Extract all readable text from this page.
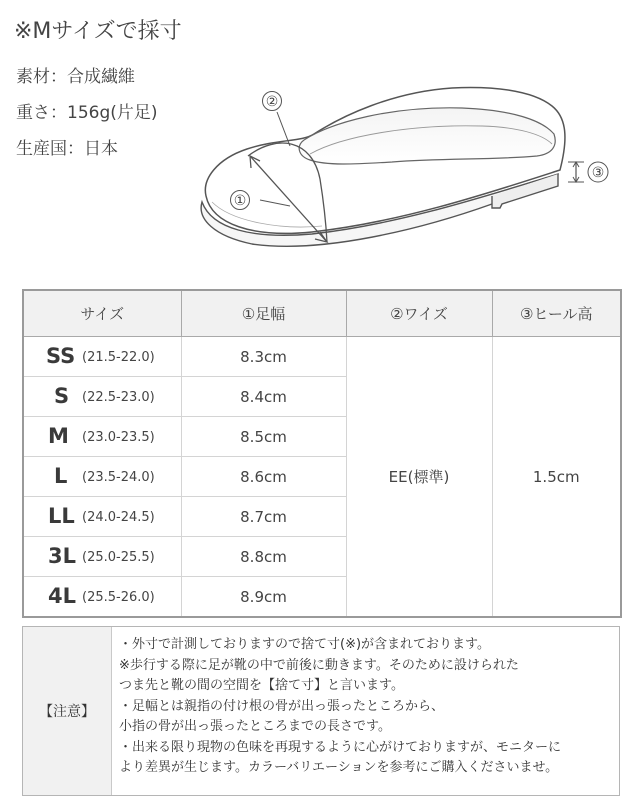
※Mサイズで採寸
素材：合成繊維
重さ：156g(片足)
生産国：日本
②
①
③
サイズ	①足幅	②ワイズ	③ヒール高

SS (21.5-22.0)	8.3cm	EE(標準)	1.5cm

S (22.5-23.0)	8.4cm		

M (23.0-23.5)	8.5cm		

L (23.5-24.0)	8.6cm		

LL (24.0-24.5)	8.7cm		

3L (25.0-25.5)	8.8cm		

4L (25.5-26.0)	8.9cm		
【注意】
・外寸で計測しておりますので捨て寸(※)が含まれております。
※歩行する際に足が靴の中で前後に動きます。そのために設けられた
つま先と靴の間の空間を【捨て寸】と言います。
・足幅とは親指の付け根の骨が出っ張ったところから、
小指の骨が出っ張ったところまでの長さです。
・出来る限り現物の色味を再現するように心がけておりますが、モニターに
より差異が生じます。カラーバリエーションを参考にご購入くださいませ。
